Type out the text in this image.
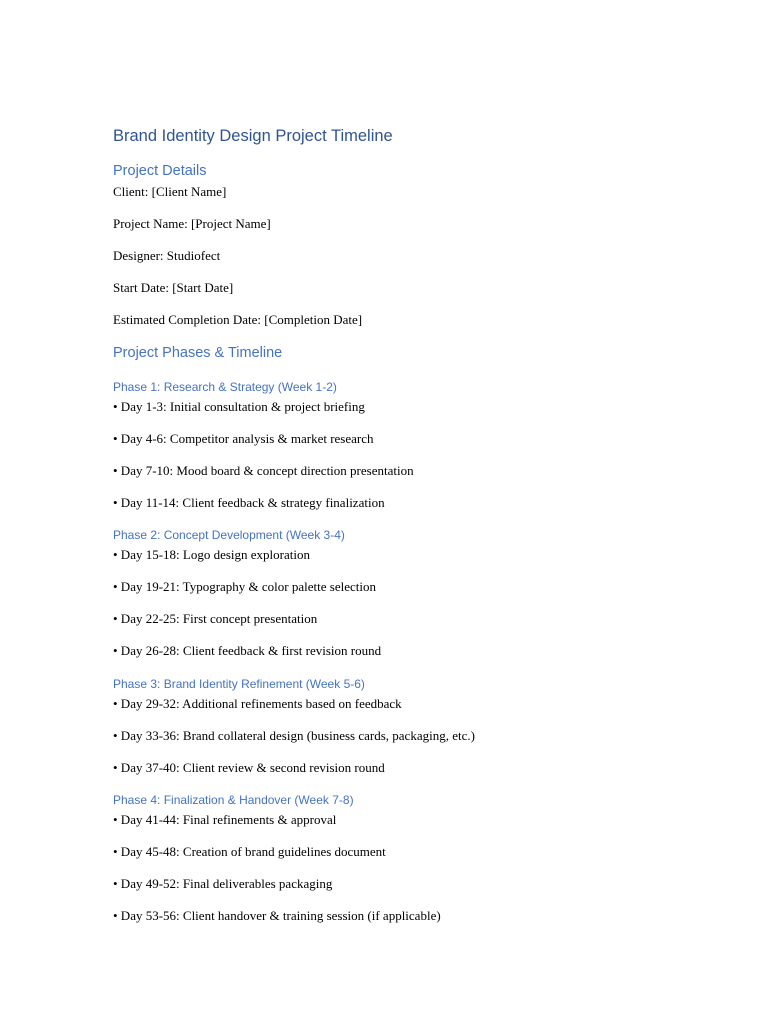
Brand Identity Design Project Timeline
Project Details
Client: [Client Name]
Project Name: [Project Name]
Designer: Studiofect
Start Date: [Start Date]
Estimated Completion Date: [Completion Date]
Project Phases & Timeline
Phase 1: Research & Strategy (Week 1-2)
• Day 1-3: Initial consultation & project briefing
• Day 4-6: Competitor analysis & market research
• Day 7-10: Mood board & concept direction presentation
• Day 11-14: Client feedback & strategy finalization
Phase 2: Concept Development (Week 3-4)
• Day 15-18: Logo design exploration
• Day 19-21: Typography & color palette selection
• Day 22-25: First concept presentation
• Day 26-28: Client feedback & first revision round
Phase 3: Brand Identity Refinement (Week 5-6)
• Day 29-32: Additional refinements based on feedback
• Day 33-36: Brand collateral design (business cards, packaging, etc.)
• Day 37-40: Client review & second revision round
Phase 4: Finalization & Handover (Week 7-8)
• Day 41-44: Final refinements & approval
• Day 45-48: Creation of brand guidelines document
• Day 49-52: Final deliverables packaging
• Day 53-56: Client handover & training session (if applicable)
